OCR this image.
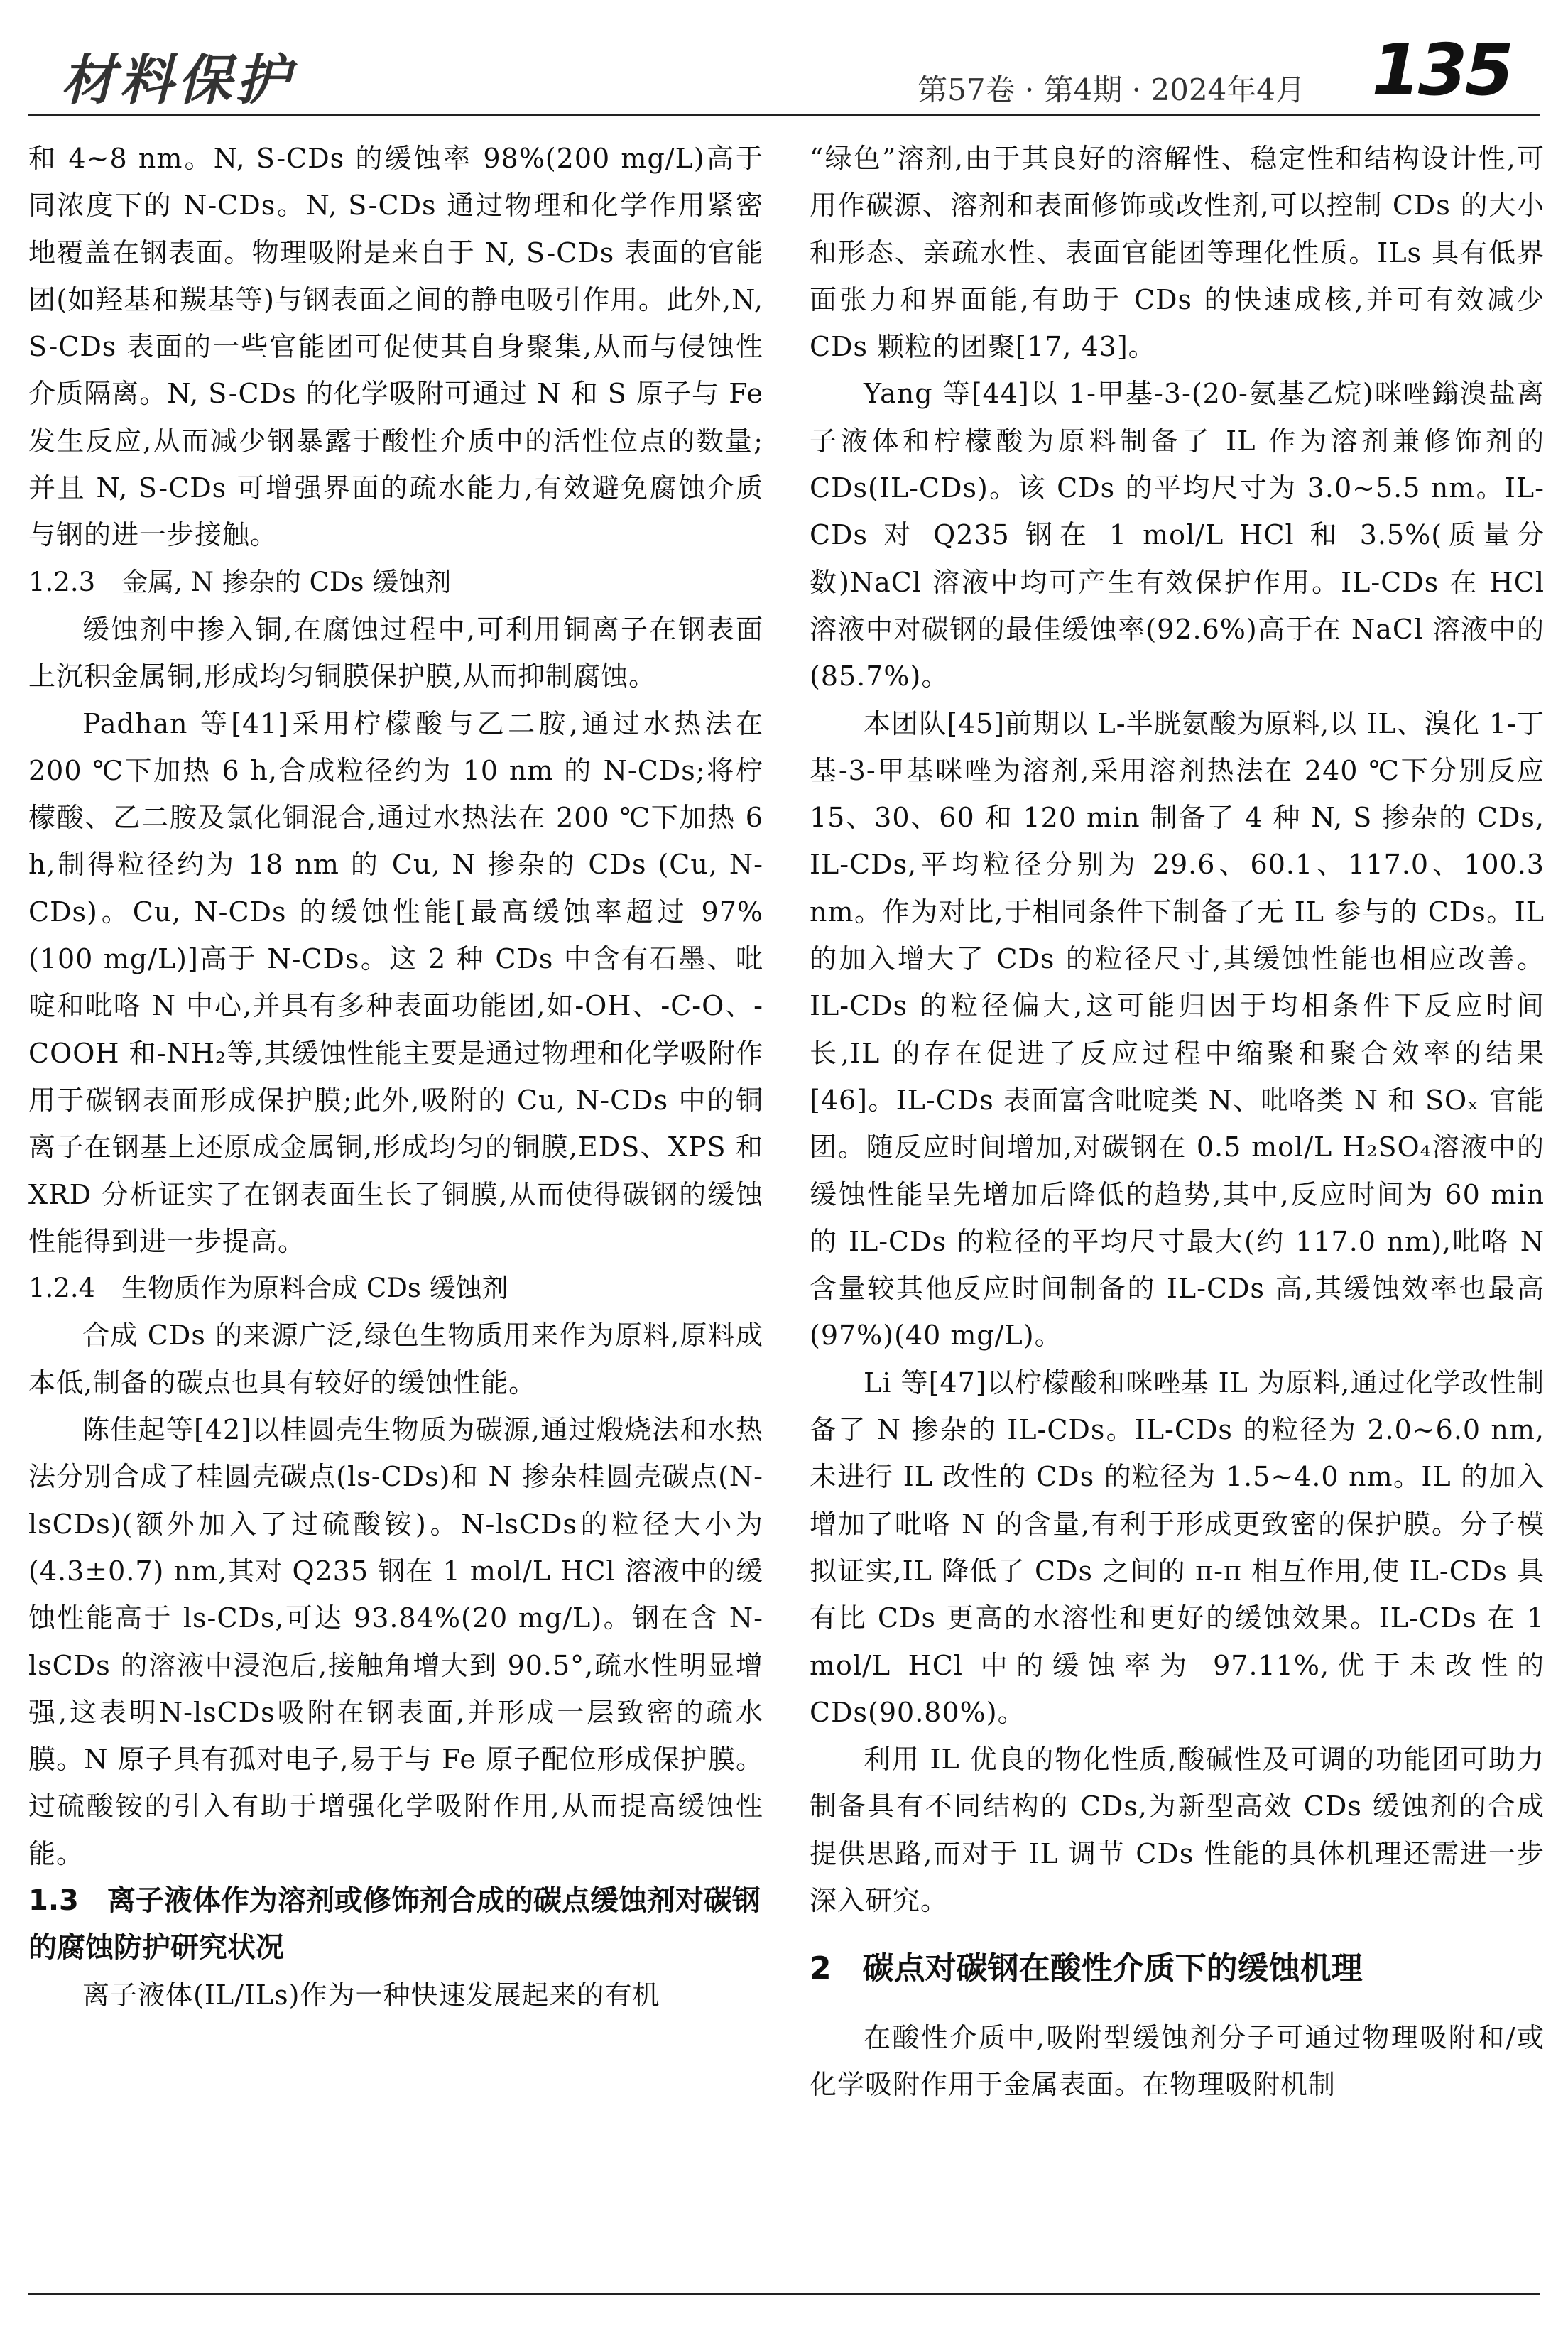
材料保护	第57卷 · 第4期 · 2024年4月 135

和 4~8 nm。N, S-CDs 的缓蚀率 98%(200 mg/L)高于同浓度下的 N-CDs。N, S-CDs 通过物理和化学作用紧密地覆盖在钢表面。物理吸附是来自于 N, S-CDs 表面的官能团(如羟基和羰基等)与钢表面之间的静电吸引作用。此外,N, S-CDs 表面的一些官能团可促使其自身聚集,从而与侵蚀性介质隔离。N, S-CDs 的化学吸附可通过 N 和 S 原子与 Fe 发生反应,从而减少钢暴露于酸性介质中的活性位点的数量;并且 N, S-CDs 可增强界面的疏水能力,有效避免腐蚀介质与钢的进一步接触。

1.2.3　金属, N 掺杂的 CDs 缓蚀剂

缓蚀剂中掺入铜,在腐蚀过程中,可利用铜离子在钢表面上沉积金属铜,形成均匀铜膜保护膜,从而抑制腐蚀。

Padhan 等[41]采用柠檬酸与乙二胺,通过水热法在 200 ℃下加热 6 h,合成粒径约为 10 nm 的 N-CDs;将柠檬酸、乙二胺及氯化铜混合,通过水热法在 200 ℃下加热 6 h,制得粒径约为 18 nm 的 Cu, N 掺杂的 CDs (Cu, N-CDs)。Cu, N-CDs 的缓蚀性能[最高缓蚀率超过 97%(100 mg/L)]高于 N-CDs。这 2 种 CDs 中含有石墨、吡啶和吡咯 N 中心,并具有多种表面功能团,如-OH、-C-O、-COOH 和-NH₂等,其缓蚀性能主要是通过物理和化学吸附作用于碳钢表面形成保护膜;此外,吸附的 Cu, N-CDs 中的铜离子在钢基上还原成金属铜,形成均匀的铜膜,EDS、XPS 和 XRD 分析证实了在钢表面生长了铜膜,从而使得碳钢的缓蚀性能得到进一步提高。

1.2.4　生物质作为原料合成 CDs 缓蚀剂

合成 CDs 的来源广泛,绿色生物质用来作为原料,原料成本低,制备的碳点也具有较好的缓蚀性能。

陈佳起等[42]以桂圆壳生物质为碳源,通过煅烧法和水热法分别合成了桂圆壳碳点(ls-CDs)和 N 掺杂桂圆壳碳点(N-lsCDs)(额外加入了过硫酸铵)。N-lsCDs的粒径大小为(4.3±0.7) nm,其对 Q235 钢在 1 mol/L HCl 溶液中的缓蚀性能高于 ls-CDs,可达 93.84%(20 mg/L)。钢在含 N-lsCDs 的溶液中浸泡后,接触角增大到 90.5°,疏水性明显增强,这表明N-lsCDs吸附在钢表面,并形成一层致密的疏水膜。N 原子具有孤对电子,易于与 Fe 原子配位形成保护膜。过硫酸铵的引入有助于增强化学吸附作用,从而提高缓蚀性能。

1.3　离子液体作为溶剂或修饰剂合成的碳点缓蚀剂对碳钢的腐蚀防护研究状况

离子液体(IL/ILs)作为一种快速发展起来的有机

“绿色”溶剂,由于其良好的溶解性、稳定性和结构设计性,可用作碳源、溶剂和表面修饰或改性剂,可以控制 CDs 的大小和形态、亲疏水性、表面官能团等理化性质。ILs 具有低界面张力和界面能,有助于 CDs 的快速成核,并可有效减少 CDs 颗粒的团聚[17, 43]。

Yang 等[44]以 1-甲基-3-(20-氨基乙烷)咪唑鎓溴盐离子液体和柠檬酸为原料制备了 IL 作为溶剂兼修饰剂的 CDs(IL-CDs)。该 CDs 的平均尺寸为 3.0~5.5 nm。IL-CDs 对 Q235 钢在 1 mol/L HCl 和 3.5%(质量分数)NaCl 溶液中均可产生有效保护作用。IL-CDs 在 HCl 溶液中对碳钢的最佳缓蚀率(92.6%)高于在 NaCl 溶液中的(85.7%)。

本团队[45]前期以 L-半胱氨酸为原料,以 IL、溴化 1-丁基-3-甲基咪唑为溶剂,采用溶剂热法在 240 ℃下分别反应 15、30、60 和 120 min 制备了 4 种 N, S 掺杂的 CDs, IL-CDs,平均粒径分别为 29.6、60.1、117.0、100.3 nm。作为对比,于相同条件下制备了无 IL 参与的 CDs。IL 的加入增大了 CDs 的粒径尺寸,其缓蚀性能也相应改善。IL-CDs 的粒径偏大,这可能归因于均相条件下反应时间长,IL 的存在促进了反应过程中缩聚和聚合效率的结果[46]。IL-CDs 表面富含吡啶类 N、吡咯类 N 和 SOₓ 官能团。随反应时间增加,对碳钢在 0.5 mol/L H₂SO₄溶液中的缓蚀性能呈先增加后降低的趋势,其中,反应时间为 60 min 的 IL-CDs 的粒径的平均尺寸最大(约 117.0 nm),吡咯 N 含量较其他反应时间制备的 IL-CDs 高,其缓蚀效率也最高(97%)(40 mg/L)。

Li 等[47]以柠檬酸和咪唑基 IL 为原料,通过化学改性制备了 N 掺杂的 IL-CDs。IL-CDs 的粒径为 2.0~6.0 nm,未进行 IL 改性的 CDs 的粒径为 1.5~4.0 nm。IL 的加入增加了吡咯 N 的含量,有利于形成更致密的保护膜。分子模拟证实,IL 降低了 CDs 之间的 π-π 相互作用,使 IL-CDs 具有比 CDs 更高的水溶性和更好的缓蚀效果。IL-CDs 在 1 mol/L HCl 中的缓蚀率为 97.11%,优于未改性的 CDs(90.80%)。

利用 IL 优良的物化性质,酸碱性及可调的功能团可助力制备具有不同结构的 CDs,为新型高效 CDs 缓蚀剂的合成提供思路,而对于 IL 调节 CDs 性能的具体机理还需进一步深入研究。

2　碳点对碳钢在酸性介质下的缓蚀机理

在酸性介质中,吸附型缓蚀剂分子可通过物理吸附和/或化学吸附作用于金属表面。在物理吸附机制
